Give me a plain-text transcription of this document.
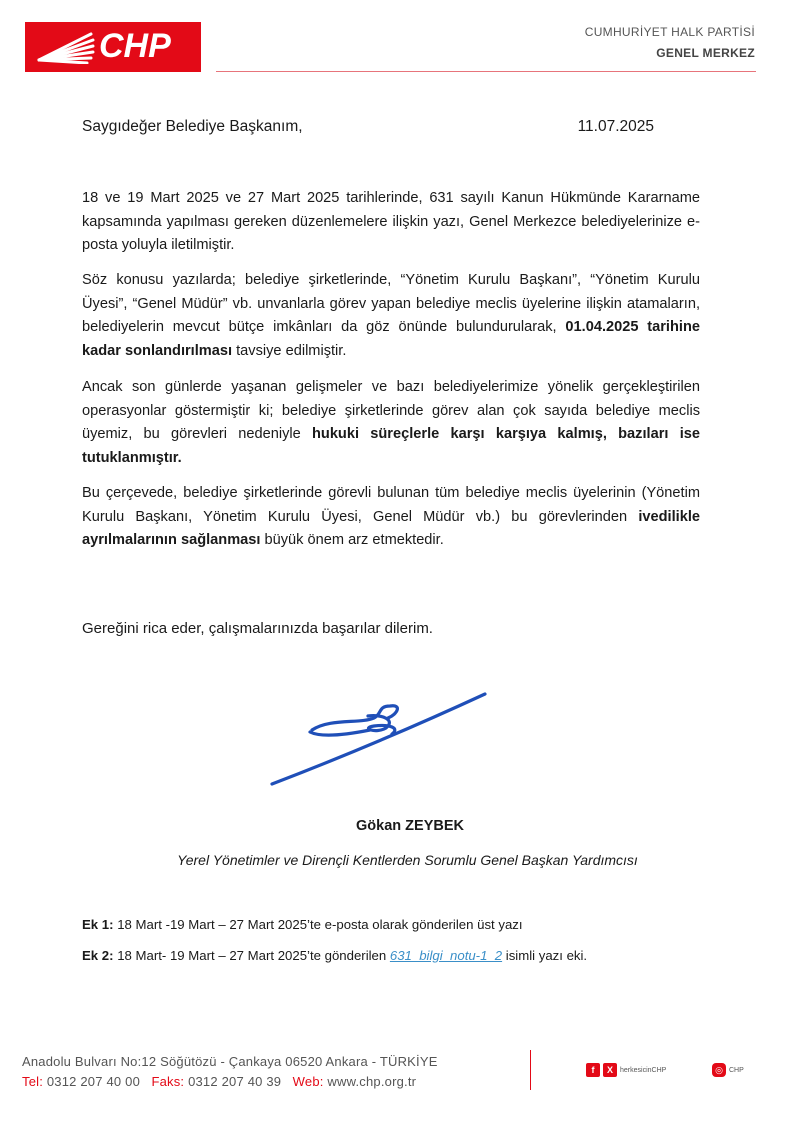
CHP	CUMHURİYET HALK PARTİSİ
GENEL MERKEZ
Saygıdeğer Belediye Başkanım,	11.07.2025
18 ve 19 Mart 2025 ve 27 Mart 2025 tarihlerinde, 631 sayılı Kanun Hükmünde Kararname kapsamında yapılması gereken düzenlemelere ilişkin yazı, Genel Merkezce belediyelerinize e-posta yoluyla iletilmiştir.
Söz konusu yazılarda; belediye şirketlerinde, “Yönetim Kurulu Başkanı”, “Yönetim Kurulu Üyesi”, “Genel Müdür” vb. unvanlarla görev yapan belediye meclis üyelerine ilişkin atamaların, belediyelerin mevcut bütçe imkânları da göz önünde bulundurularak, 01.04.2025 tarihine kadar sonlandırılması tavsiye edilmiştir.
Ancak son günlerde yaşanan gelişmeler ve bazı belediyelerimize yönelik gerçekleştirilen operasyonlar göstermiştir ki; belediye şirketlerinde görev alan çok sayıda belediye meclis üyemiz, bu görevleri nedeniyle hukuki süreçlerle karşı karşıya kalmış, bazıları ise tutuklanmıştır.
Bu çerçevede, belediye şirketlerinde görevli bulunan tüm belediye meclis üyelerinin (Yönetim Kurulu Başkanı, Yönetim Kurulu Üyesi, Genel Müdür vb.) bu görevlerinden ivedilikle ayrılmalarının sağlanması büyük önem arz etmektedir.
Gereğini rica eder, çalışmalarınızda başarılar dilerim.
Gökan ZEYBEK
Yerel Yönetimler ve Dirençli Kentlerden Sorumlu Genel Başkan Yardımcısı
Ek 1: 18 Mart -19 Mart – 27 Mart 2025’te e-posta olarak gönderilen üst yazı
Ek 2: 18 Mart- 19 Mart – 27 Mart 2025’te gönderilen 631_bilgi_notu-1_2 isimli yazı eki.
Anadolu Bulvarı No:12 Söğütözü - Çankaya 06520 Ankara - TÜRKİYE
Tel: 0312 207 40 00 Faks: 0312 207 40 39 Web: www.chp.org.tr
f	X	herkesicinCHP	◎ CHP
